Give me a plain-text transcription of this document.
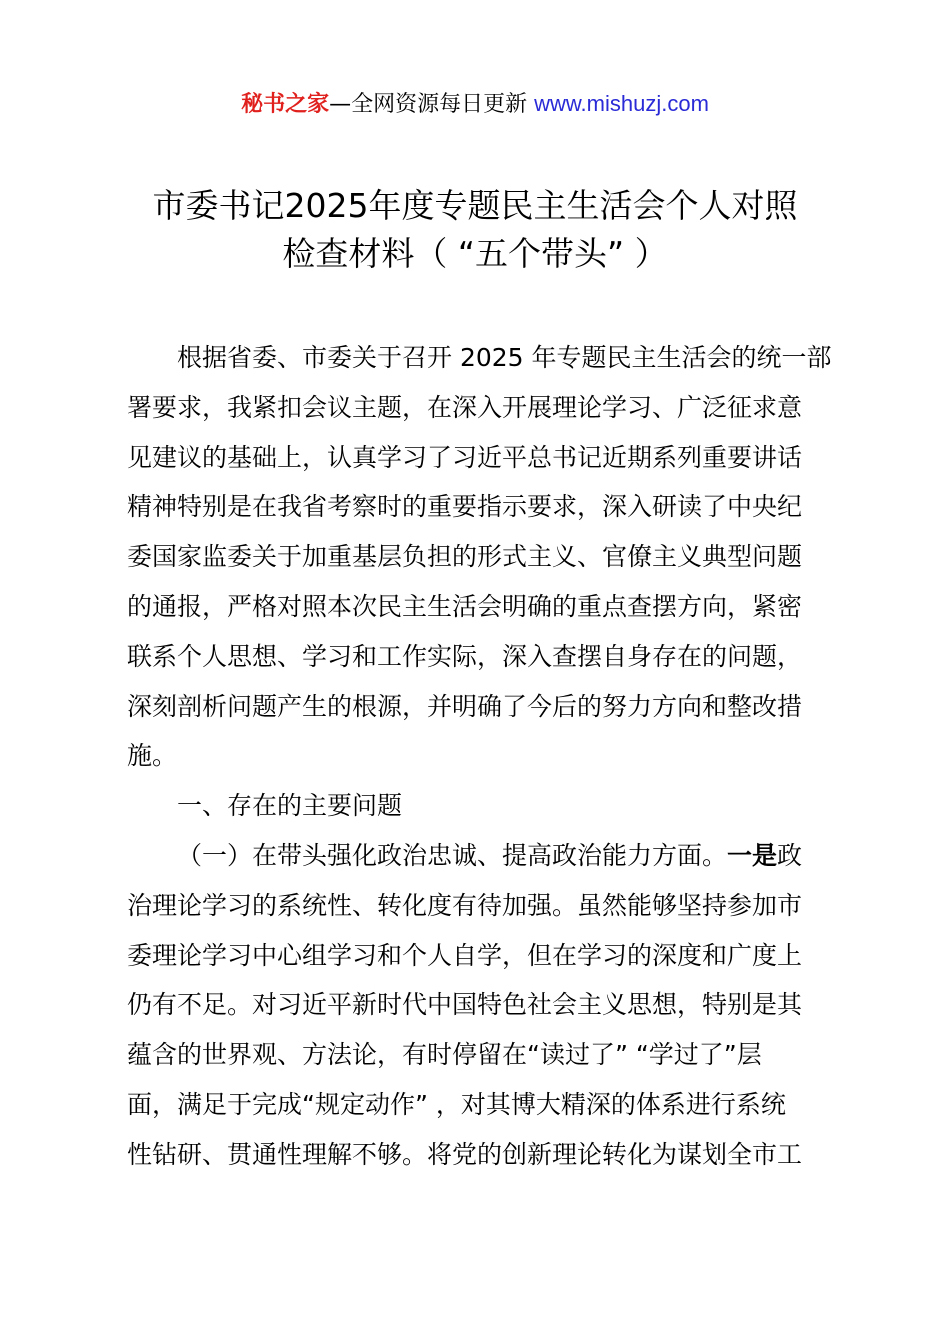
秘书之家—全网资源每日更新 www.mishuzj.com
市委书记2025年度专题民主生活会个人对照
检查材料（ “五个带头” ）

根据省委、市委关于召开 2025 年专题民主生活会的统一部

署要求，我紧扣会议主题，在深入开展理论学习、广泛征求意

见建议的基础上，认真学习了习近平总书记近期系列重要讲话

精神特别是在我省考察时的重要指示要求，深入研读了中央纪

委国家监委关于加重基层负担的形式主义、官僚主义典型问题

的通报，严格对照本次民主生活会明确的重点查摆方向，紧密

联系个人思想、学习和工作实际，深入查摆自身存在的问题，

深刻剖析问题产生的根源，并明确了今后的努力方向和整改措

施。

一、存在的主要问题

（一）在带头强化政治忠诚、提高政治能力方面。一是政

治理论学习的系统性、转化度有待加强。虽然能够坚持参加市

委理论学习中心组学习和个人自学，但在学习的深度和广度上

仍有不足。对习近平新时代中国特色社会主义思想，特别是其

蕴含的世界观、方法论，有时停留在“读过了” “学过了”层

面，满足于完成“规定动作” ，对其博大精深的体系进行系统

性钻研、贯通性理解不够。将党的创新理论转化为谋划全市工
